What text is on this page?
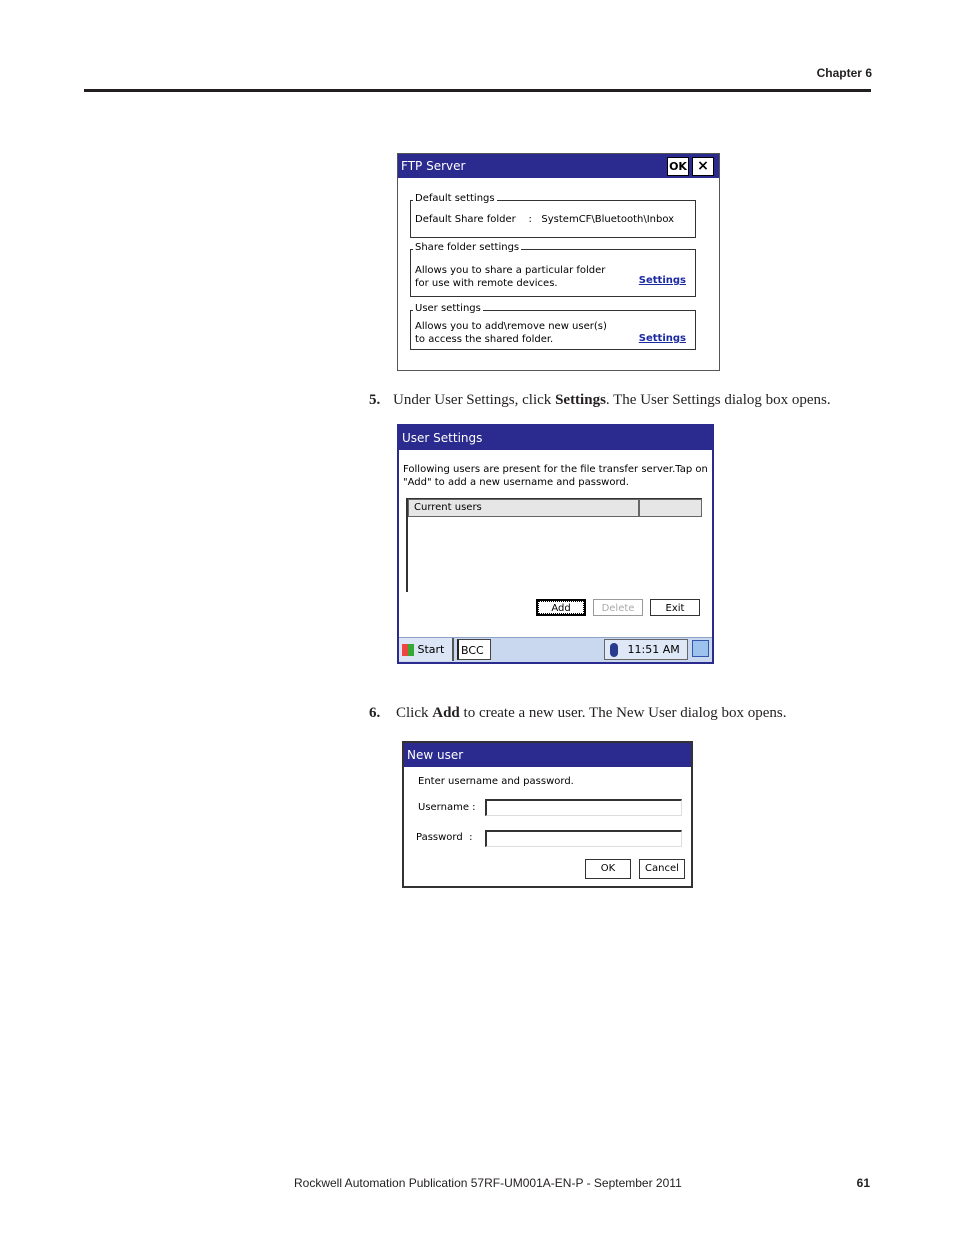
Chapter 6
FTP Server	OK ×
Default settings
Default Share folder    :   SystemCF\Bluetooth\Inbox
Share folder settings
Allows you to share a particular folder
for use with remote devices.	Settings
User settings
Allows you to add\remove new user(s)
to access the shared folder.	Settings
5. Under User Settings, click Settings. The User Settings dialog box opens.
User Settings
Following users are present for the file transfer server.Tap on
"Add" to add a new username and password.
Current users
Add	Delete	Exit
Start	BCC	11:51 AM
6. Click Add to create a new user. The New User dialog box opens.
New user
Enter username and password.
Username :
Password  :
OK	Cancel
Rockwell Automation Publication 57RF-UM001A-EN-P - September 2011	61
